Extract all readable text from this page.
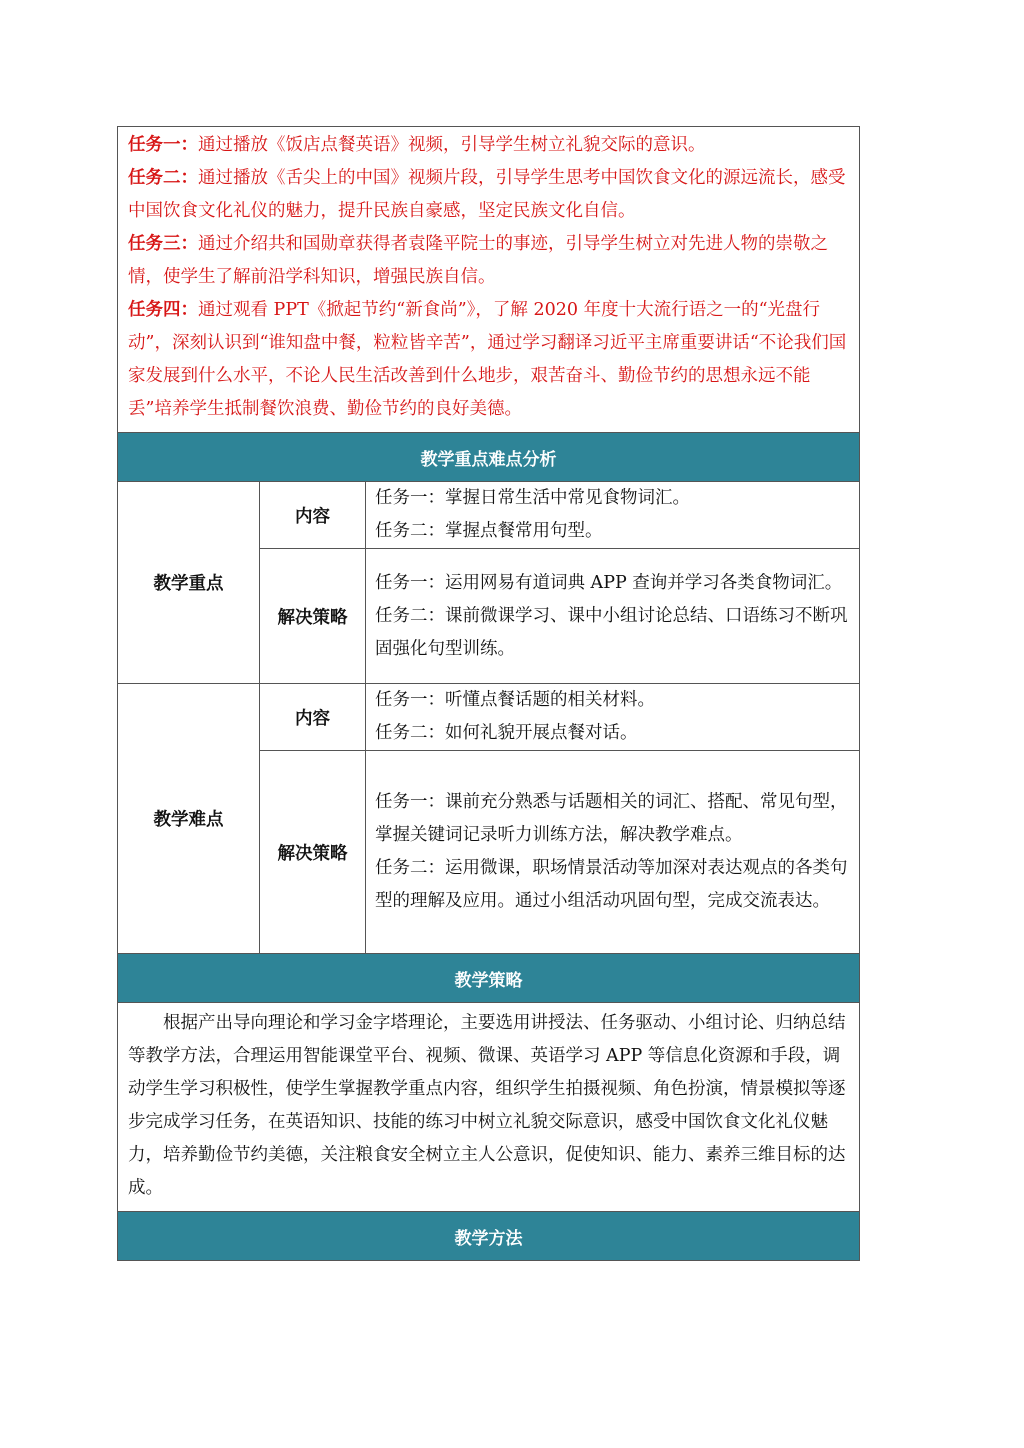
任务一：通过播放《饭店点餐英语》视频，引导学生树立礼貌交际的意识。

任务二：通过播放《舌尖上的中国》视频片段，引导学生思考中国饮食文化的源远流长，感受中国饮食文化礼仪的魅力，提升民族自豪感，坚定民族文化自信。

任务三：通过介绍共和国勋章获得者袁隆平院士的事迹，引导学生树立对先进人物的崇敬之情，使学生了解前沿学科知识，增强民族自信。

任务四：通过观看 PPT《掀起节约“新食尚”》，了解 2020 年度十大流行语之一的“光盘行动”，深刻认识到“谁知盘中餐，粒粒皆辛苦”，通过学习翻译习近平主席重要讲话“不论我们国家发展到什么水平，不论人民生活改善到什么地步，艰苦奋斗、勤俭节约的思想永远不能丢”培养学生抵制餐饮浪费、勤俭节约的良好美德。		

教学重点难点分析		
教学重点	内容	任务一：掌握日常生活中常见食物词汇。

任务二：掌握点餐常用句型。

	解决策略	任务一：运用网易有道词典 APP 查询并学习各类食物词汇。

任务二：课前微课学习、课中小组讨论总结、口语练习不断巩固强化句型训练。

教学难点	内容	任务一：听懂点餐话题的相关材料。

任务二：如何礼貌开展点餐对话。

	解决策略	任务一：课前充分熟悉与话题相关的词汇、搭配、常见句型，掌握关键词记录听力训练方法，解决教学难点。

任务二：运用微课，职场情景活动等加深对表达观点的各类句型的理解及应用。通过小组活动巩固句型，完成交流表达。

教学策略		

根据产出导向理论和学习金字塔理论，主要选用讲授法、任务驱动、小组讨论、归纳总结等教学方法，合理运用智能课堂平台、视频、微课、英语学习 APP 等信息化资源和手段，调动学生学习积极性，使学生掌握教学重点内容，组织学生拍摄视频、角色扮演，情景模拟等逐步完成学习任务，在英语知识、技能的练习中树立礼貌交际意识，感受中国饮食文化礼仪魅力，培养勤俭节约美德，关注粮食安全树立主人公意识，促使知识、能力、素养三维目标的达成。		

教学方法		
